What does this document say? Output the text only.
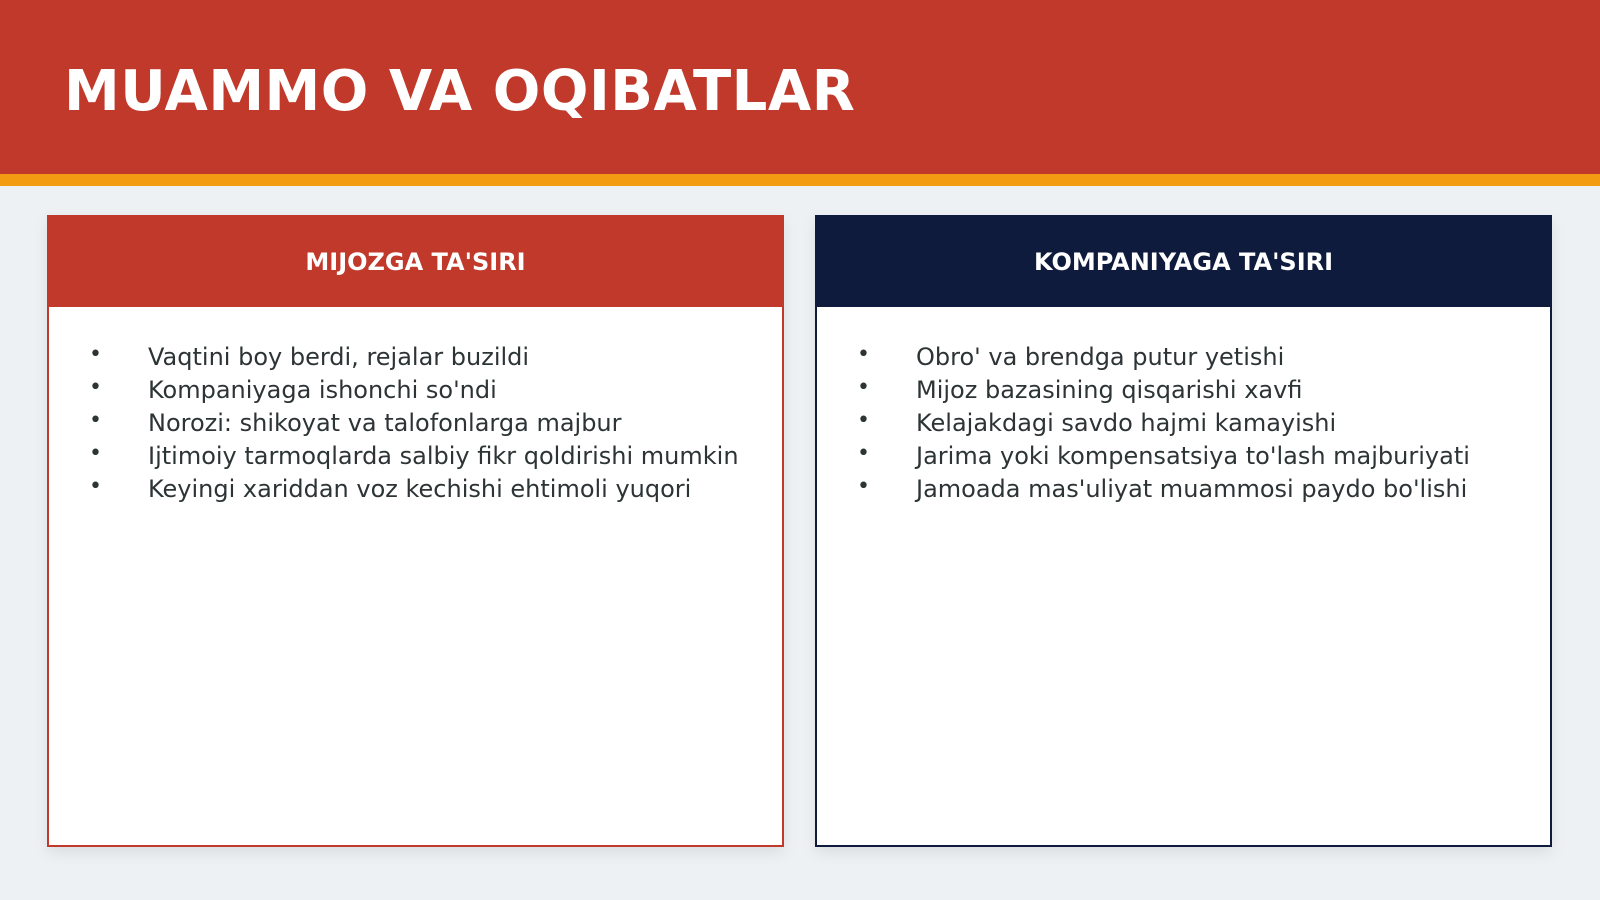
MUAMMO VA OQIBATLAR
MIJOZGA TA'SIRI
• Vaqtini boy berdi, rejalar buzildi
• Kompaniyaga ishonchi so'ndi
• Norozi: shikoyat va talofonlarga majbur
• Ijtimoiy tarmoqlarda salbiy fikr qoldirishi mumkin
• Keyingi xariddan voz kechishi ehtimoli yuqori
KOMPANIYAGA TA'SIRI
• Obro' va brendga putur yetishi
• Mijoz bazasining qisqarishi xavfi
• Kelajakdagi savdo hajmi kamayishi
• Jarima yoki kompensatsiya to'lash majburiyati
• Jamoada mas'uliyat muammosi paydo bo'lishi
